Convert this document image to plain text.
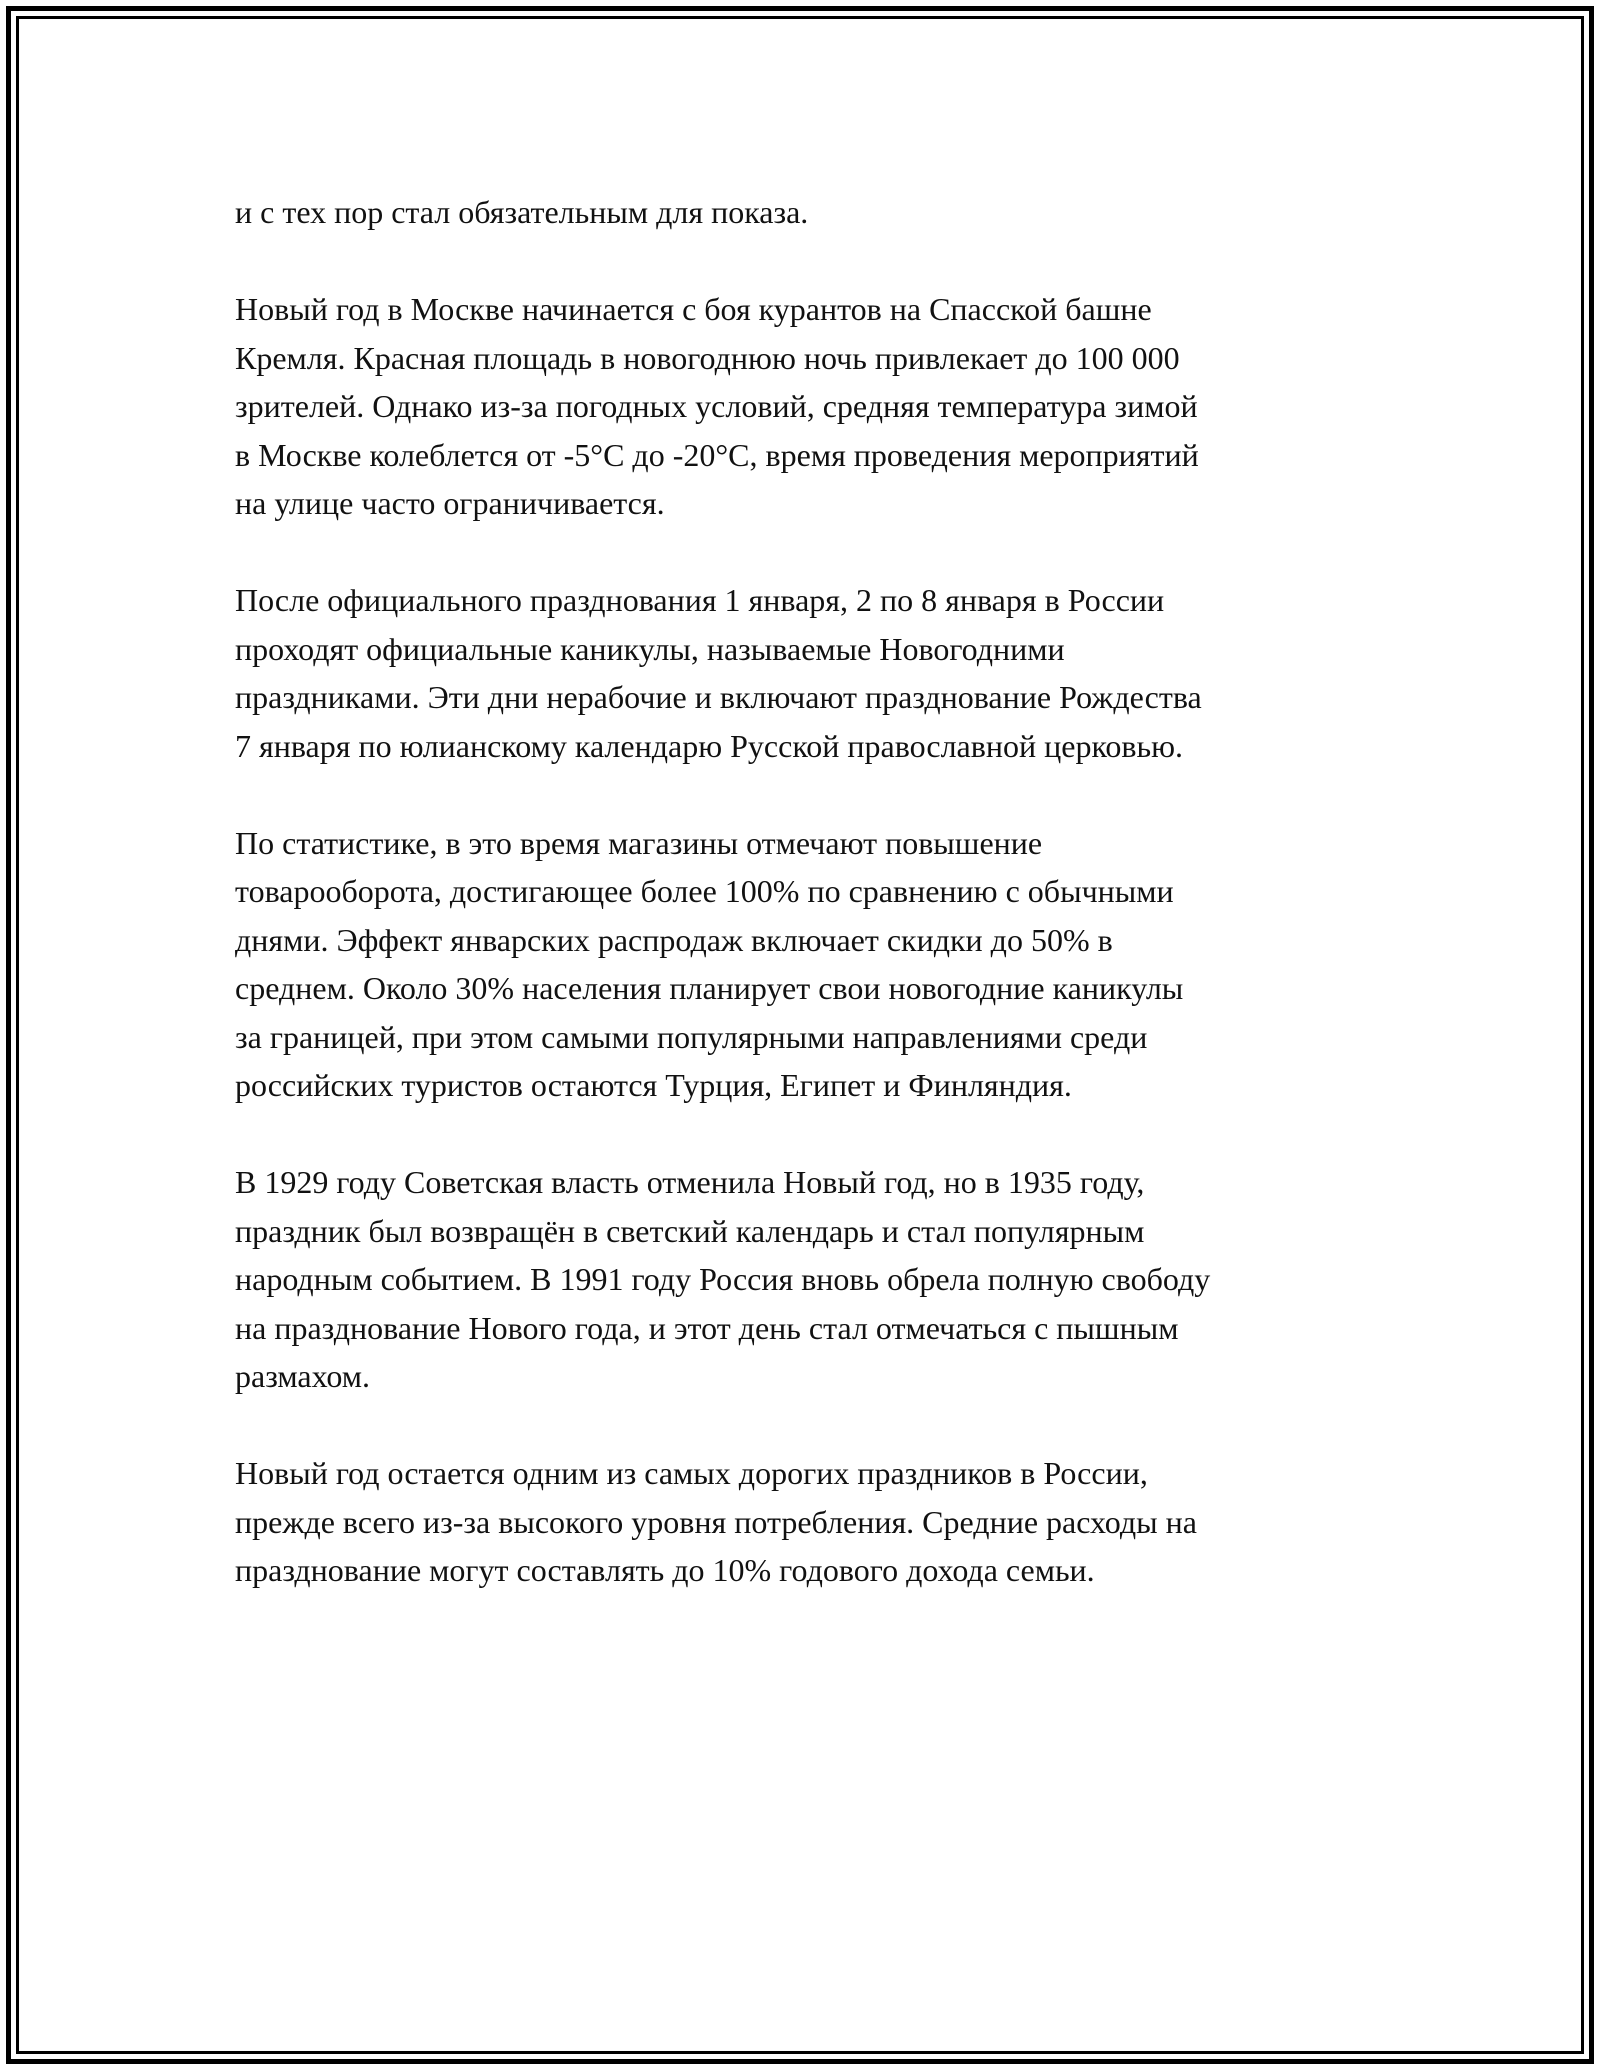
и с тех пор стал обязательным для показа.

Новый год в Москве начинается с боя курантов на Спасской башне
Кремля. Красная площадь в новогоднюю ночь привлекает до 100 000
зрителей. Однако из-за погодных условий, средняя температура зимой
в Москве колеблется от -5°C до -20°C, время проведения мероприятий
на улице часто ограничивается.

После официального празднования 1 января, 2 по 8 января в России
проходят официальные каникулы, называемые Новогодними
праздниками. Эти дни нерабочие и включают празднование Рождества
7 января по юлианскому календарю Русской православной церковью.

По статистике, в это время магазины отмечают повышение
товарооборота, достигающее более 100% по сравнению с обычными
днями. Эффект январских распродаж включает скидки до 50% в
среднем. Около 30% населения планирует свои новогодние каникулы
за границей, при этом самыми популярными направлениями среди
российских туристов остаются Турция, Египет и Финляндия.

В 1929 году Советская власть отменила Новый год, но в 1935 году,
праздник был возвращён в светский календарь и стал популярным
народным событием. В 1991 году Россия вновь обрела полную свободу
на празднование Нового года, и этот день стал отмечаться с пышным
размахом.

Новый год остается одним из самых дорогих праздников в России,
прежде всего из-за высокого уровня потребления. Средние расходы на
празднование могут составлять до 10% годового дохода семьи.
